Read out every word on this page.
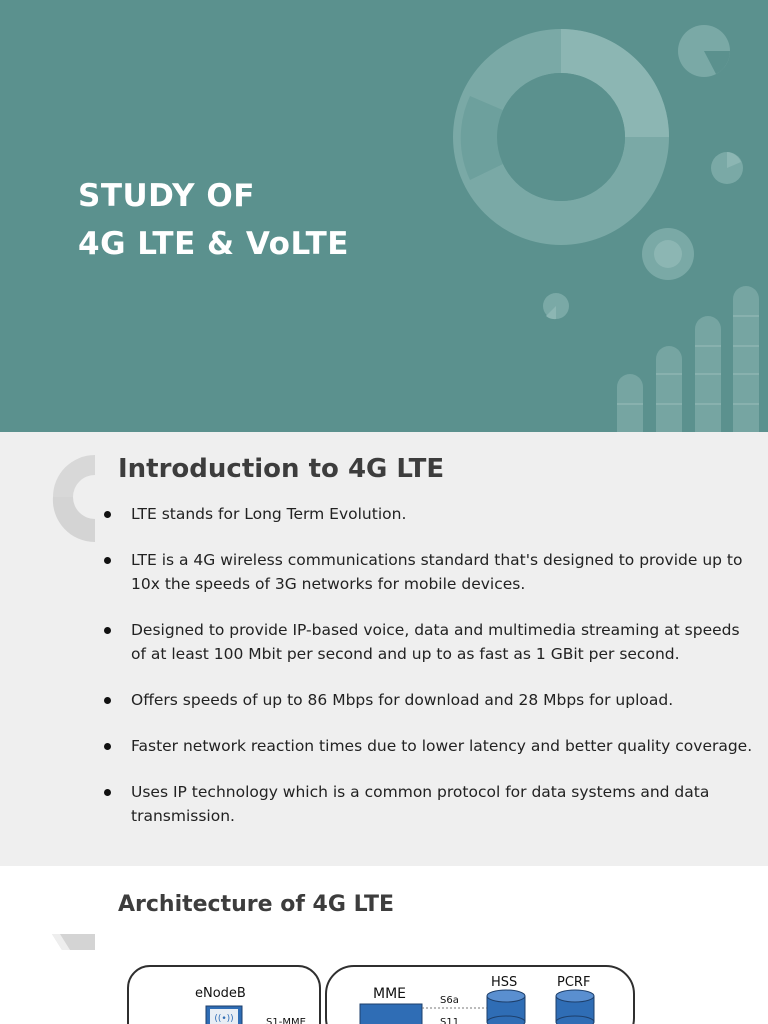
STUDY OF
4G LTE & VoLTE
Introduction to 4G LTE
LTE stands for Long Term Evolution.
LTE is a 4G wireless communications standard that's designed to provide up to 10x the speeds of 3G networks for mobile devices.
Designed to provide IP-based voice, data and multimedia streaming at speeds of at least 100 Mbit per second and up to as fast as 1 GBit per second.
Offers speeds of up to 86 Mbps for download and 28 Mbps for upload.
Faster network reaction times due to lower latency and better quality coverage.
Uses IP technology which is a common protocol for data systems and data transmission.
Architecture of 4G LTE
((•))
eNodeB	MME
HSS	PCRF
S6a
S1-MME	S11
